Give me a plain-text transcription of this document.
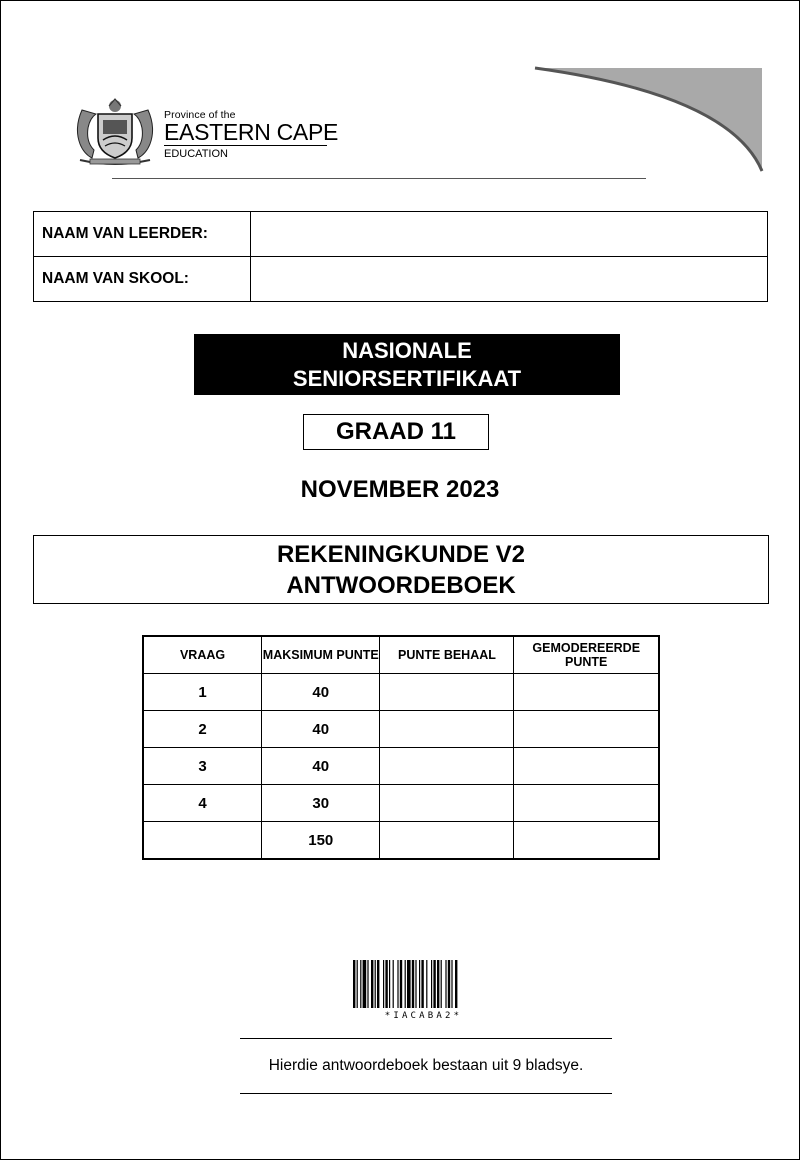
Province of the
EASTERN CAPE
EDUCATION
NAAM VAN LEERDER:	
NAAM VAN SKOOL:	
NASIONALE
SENIORSERTIFIKAAT
GRAAD 11
NOVEMBER 2023
REKENINGKUNDE V2
ANTWOORDEBOEK
VRAAG	MAKSIMUM PUNTE	PUNTE BEHAAL	GEMODEREERDE PUNTE
1	40		
2	40		
3	40		
4	30		
	150		
*IACABA2*
Hierdie antwoordeboek bestaan uit 9 bladsye.
